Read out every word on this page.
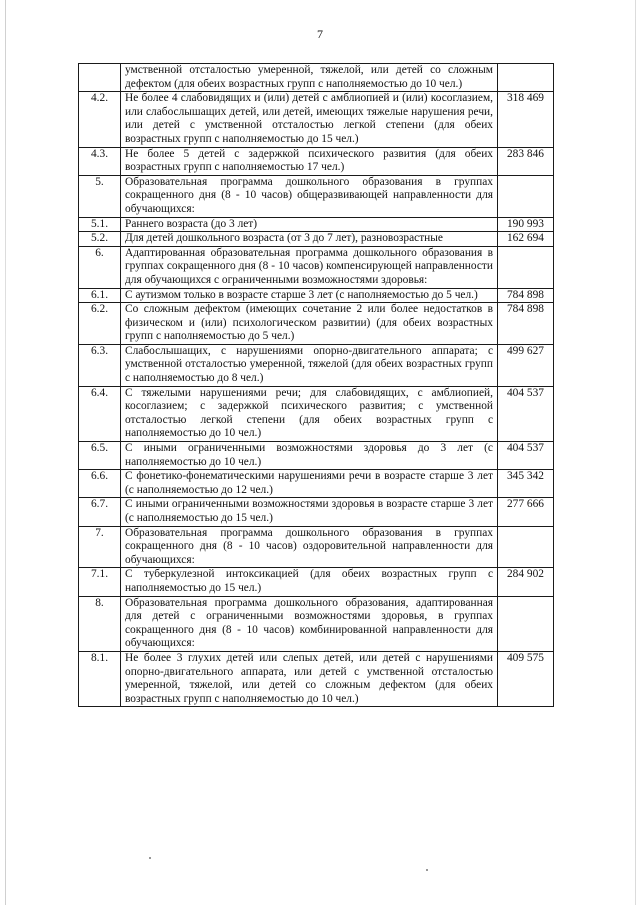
7
	умственной отсталостью умеренной, тяжелой, или детей со сложным дефектом (для обеих возрастных групп с наполняемостью до 10 чел.)	
4.2.	Не более 4 слабовидящих и (или) детей с амблиопией и (или) косоглазием, или слабослышащих детей, или детей, имеющих тяжелые нарушения речи, или детей с умственной отсталостью легкой степени (для обеих возрастных групп с наполняемостью до 15 чел.)	318 469
4.3.	Не более 5 детей с задержкой психического развития (для обеих возрастных групп с наполняемостью 17 чел.)	283 846
5.	Образовательная программа дошкольного образования в группах сокращенного дня (8 - 10 часов) общеразвивающей направленности для обучающихся:	
5.1.	Раннего возраста (до 3 лет)	190 993
5.2.	Для детей дошкольного возраста (от 3 до 7 лет), разновозрастные	162 694
6.	Адаптированная образовательная программа дошкольного образования в группах сокращенного дня (8 - 10 часов) компенсирующей направленности для обучающихся с ограниченными возможностями здоровья:	
6.1.	С аутизмом только в возрасте старше 3 лет (с наполняемостью до 5 чел.)	784 898
6.2.	Со сложным дефектом (имеющих сочетание 2 или более недостатков в физическом и (или) психологическом развитии) (для обеих возрастных групп с наполняемостью до 5 чел.)	784 898
6.3.	Слабослышащих, с нарушениями опорно-двигательного аппарата; с умственной отсталостью умеренной, тяжелой (для обеих возрастных групп с наполняемостью до 8 чел.)	499 627
6.4.	С тяжелыми нарушениями речи; для слабовидящих, с амблиопией, косоглазием; с задержкой психического развития; с умственной отсталостью легкой степени (для обеих возрастных групп с наполняемостью до 10 чел.)	404 537
6.5.	С иными ограниченными возможностями здоровья до 3 лет (с наполняемостью до 10 чел.)	404 537
6.6.	С фонетико-фонематическими нарушениями речи в возрасте старше 3 лет (с наполняемостью до 12 чел.)	345 342
6.7.	С иными ограниченными возможностями здоровья в возрасте старше 3 лет (с наполняемостью до 15 чел.)	277 666
7.	Образовательная программа дошкольного образования в группах сокращенного дня (8 - 10 часов) оздоровительной направленности для обучающихся:	
7.1.	С туберкулезной интоксикацией (для обеих возрастных групп с наполняемостью до 15 чел.)	284 902
8.	Образовательная программа дошкольного образования, адаптированная для детей с ограниченными возможностями здоровья, в группах сокращенного дня (8 - 10 часов) комбинированной направленности для обучающихся:	
8.1.	Не более 3 глухих детей или слепых детей, или детей с нарушениями опорно-двигательного аппарата, или детей с умственной отсталостью умеренной, тяжелой, или детей со сложным дефектом (для обеих возрастных групп с наполняемостью до 10 чел.)	409 575
